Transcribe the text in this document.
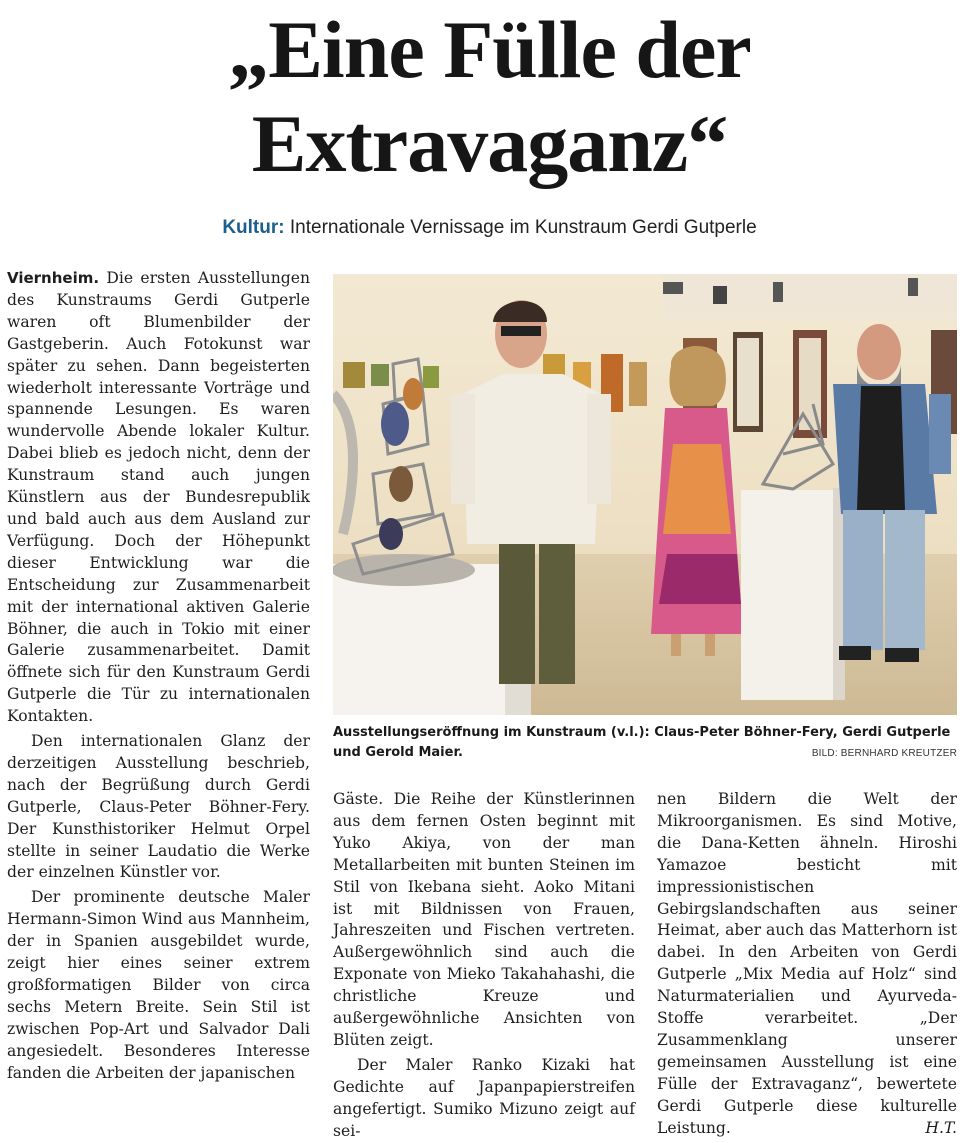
„Eine Fülle der
Extravaganz“
Kultur: Internationale Vernissage im Kunstraum Gerdi Gutperle

Viernheim. Die ersten Ausstellungen des Kunstraums Gerdi Gutperle waren oft Blumenbilder der Gastgeberin. Auch Fotokunst war später zu sehen. Dann begeisterten wiederholt interessante Vorträge und spannende Lesungen. Es waren wundervolle Abende lokaler Kultur. Dabei blieb es jedoch nicht, denn der Kunstraum stand auch jungen Künstlern aus der Bundesrepublik und bald auch aus dem Ausland zur Verfügung. Doch der Höhepunkt dieser Entwicklung war die Entscheidung zur Zusammenarbeit mit der international aktiven Galerie Böhner, die auch in Tokio mit einer Galerie zusammenarbeitet. Damit öffnete sich für den Kunstraum Gerdi Gutperle die Tür zu internationalen Kontakten.

Den internationalen Glanz der derzeitigen Ausstellung beschrieb, nach der Begrüßung durch Gerdi Gutperle, Claus-Peter Böhner-Fery. Der Kunsthistoriker Helmut Orpel stellte in seiner Laudatio die Werke der einzelnen Künstler vor.

Der prominente deutsche Maler Hermann-Simon Wind aus Mannheim, der in Spanien ausgebildet wurde, zeigt hier eines seiner extrem großformatigen Bilder von circa sechs Metern Breite. Sein Stil ist zwischen Pop-Art und Salvador Dali angesiedelt. Besonderes Interesse fanden die Arbeiten der japanischen

Ausstellungseröffnung im Kunstraum (v.l.): Claus-Peter Böhner-Fery, Gerdi Gutperle und Gerold Maier.	BILD: BERNHARD KREUTZER

Gäste. Die Reihe der Künstlerinnen aus dem fernen Osten beginnt mit Yuko Akiya, von der man Metallarbeiten mit bunten Steinen im Stil von Ikebana sieht. Aoko Mitani ist mit Bildnissen von Frauen, Jahreszeiten und Fischen vertreten. Außergewöhnlich sind auch die Exponate von Mieko Takahahashi, die christliche Kreuze und außergewöhnliche Ansichten von Blüten zeigt.

Der Maler Ranko Kizaki hat Gedichte auf Japanpapierstreifen angefertigt. Sumiko Mizuno zeigt auf sei-

nen Bildern die Welt der Mikroorganismen. Es sind Motive, die Dana-Ketten ähneln. Hiroshi Yamazoe besticht mit impressionistischen Gebirgslandschaften aus seiner Heimat, aber auch das Matterhorn ist dabei. In den Arbeiten von Gerdi Gutperle „Mix Media auf Holz“ sind Naturmaterialien und Ayurveda-Stoffe verarbeitet. „Der Zusammenklang unserer gemeinsamen Ausstellung ist eine Fülle der Extravaganz“, bewertete Gerdi Gutperle diese kulturelle Leistung.	H.T.
